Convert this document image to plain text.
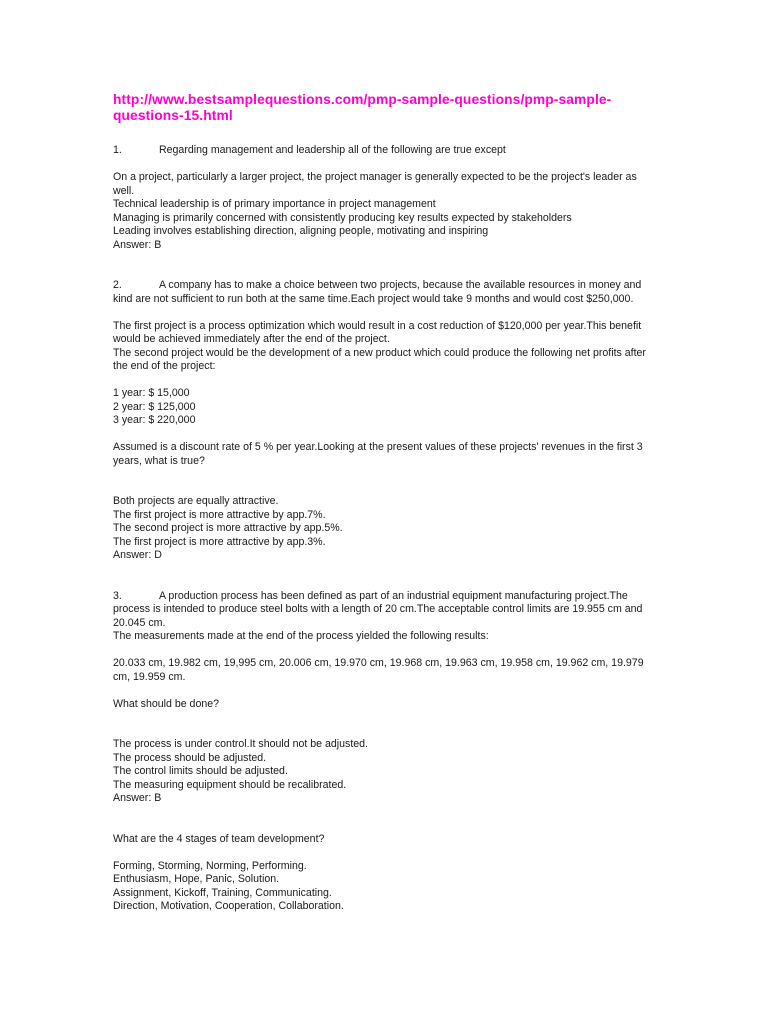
http://www.bestsamplequestions.com/pmp-sample-questions/pmp-sample-questions-15.html

1.	Regarding management and leadership all of the following are true except

On a project, particularly a larger project, the project manager is generally expected to be the project's leader as well.

Technical leadership is of primary importance in project management

Managing is primarily concerned with consistently producing key results expected by stakeholders

Leading involves establishing direction, aligning people, motivating and inspiring

Answer: B

2.	A company has to make a choice between two projects, because the available resources in money and kind are not sufficient to run both at the same time.Each project would take 9 months and would cost $250,000.

The first project is a process optimization which would result in a cost reduction of $120,000 per year.This benefit would be achieved immediately after the end of the project.

The second project would be the development of a new product which could produce the following net profits after the end of the project:

1 year: $ 15,000

2 year: $ 125,000

3 year: $ 220,000

Assumed is a discount rate of 5 % per year.Looking at the present values of these projects' revenues in the first 3 years, what is true?

Both projects are equally attractive.

The first project is more attractive by app.7%.

The second project is more attractive by app.5%.

The first project is more attractive by app.3%.

Answer: D

3.	A production process has been defined as part of an industrial equipment manufacturing project.The process is intended to produce steel bolts with a length of 20 cm.The acceptable control limits are 19.955 cm and 20.045 cm.

The measurements made at the end of the process yielded the following results:

20.033 cm, 19.982 cm, 19,995 cm, 20.006 cm, 19.970 cm, 19.968 cm, 19.963 cm, 19.958 cm, 19.962 cm, 19.979 cm, 19.959 cm.

What should be done?

The process is under control.It should not be adjusted.

The process should be adjusted.

The control limits should be adjusted.

The measuring equipment should be recalibrated.

Answer: B

What are the 4 stages of team development?

Forming, Storming, Norming, Performing.

Enthusiasm, Hope, Panic, Solution.

Assignment, Kickoff, Training, Communicating.

Direction, Motivation, Cooperation, Collaboration.
